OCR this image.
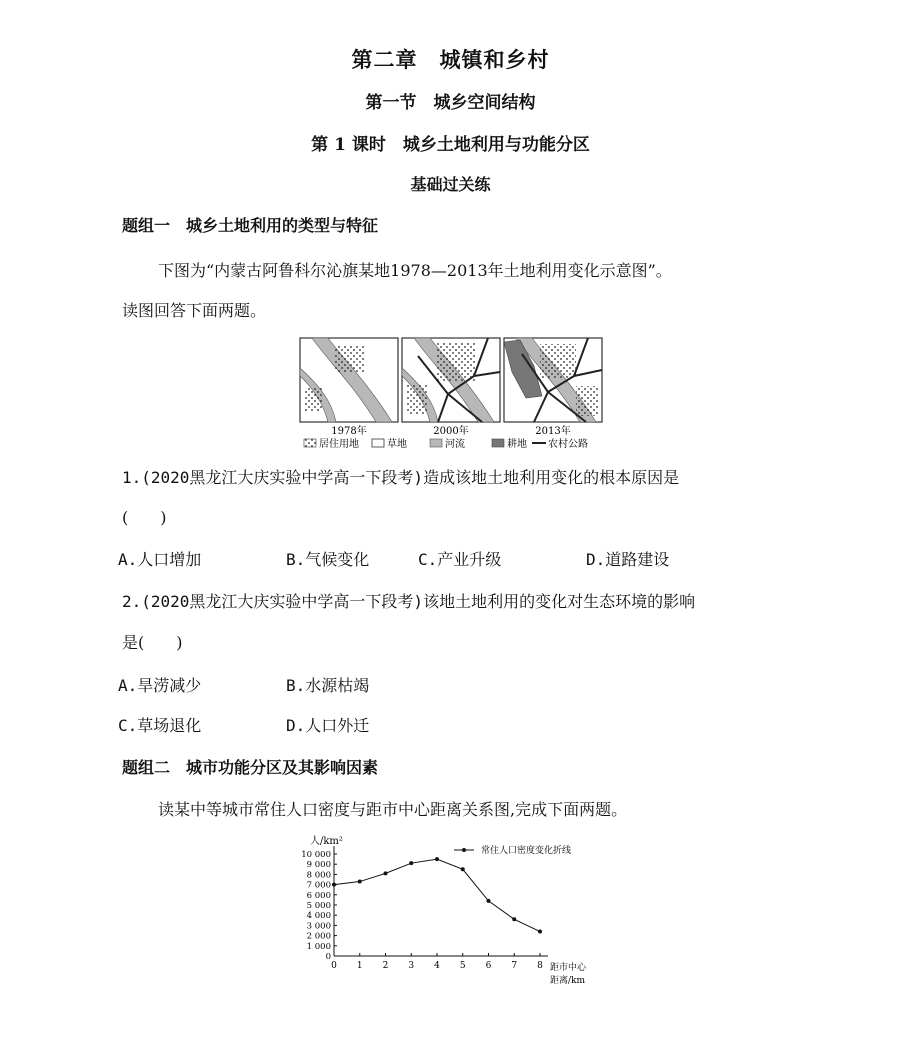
第二章　城镇和乡村
第一节　城乡空间结构
第 1 课时　城乡土地利用与功能分区
基础过关练
题组一　城乡土地利用的类型与特征
下图为“内蒙古阿鲁科尔沁旗某地1978—2013年土地利用变化示意图”。
读图回答下面两题。
1978年	2000年	2013年
居住用地	草地	河流	耕地 农村公路
1.(2020黑龙江大庆实验中学高一下段考)造成该地土地利用变化的根本原因是
(　　)
A.人口增加	B.气候变化	C.产业升级	D.道路建设
2.(2020黑龙江大庆实验中学高一下段考)该地土地利用的变化对生态环境的影响
是(　　)
A.旱涝减少	B.水源枯竭
C.草场退化	D.人口外迁
题组二　城市功能分区及其影响因素
读某中等城市常住人口密度与距市中心距离关系图,完成下面两题。
人/km²
0
1 000
2 000
3 000
4 000
5 000
6 000
7 000
8 000
9 000
10 000
0 1 2 3 4 5 6 7 8
常住人口密度变化折线
距市中心
距离/km
